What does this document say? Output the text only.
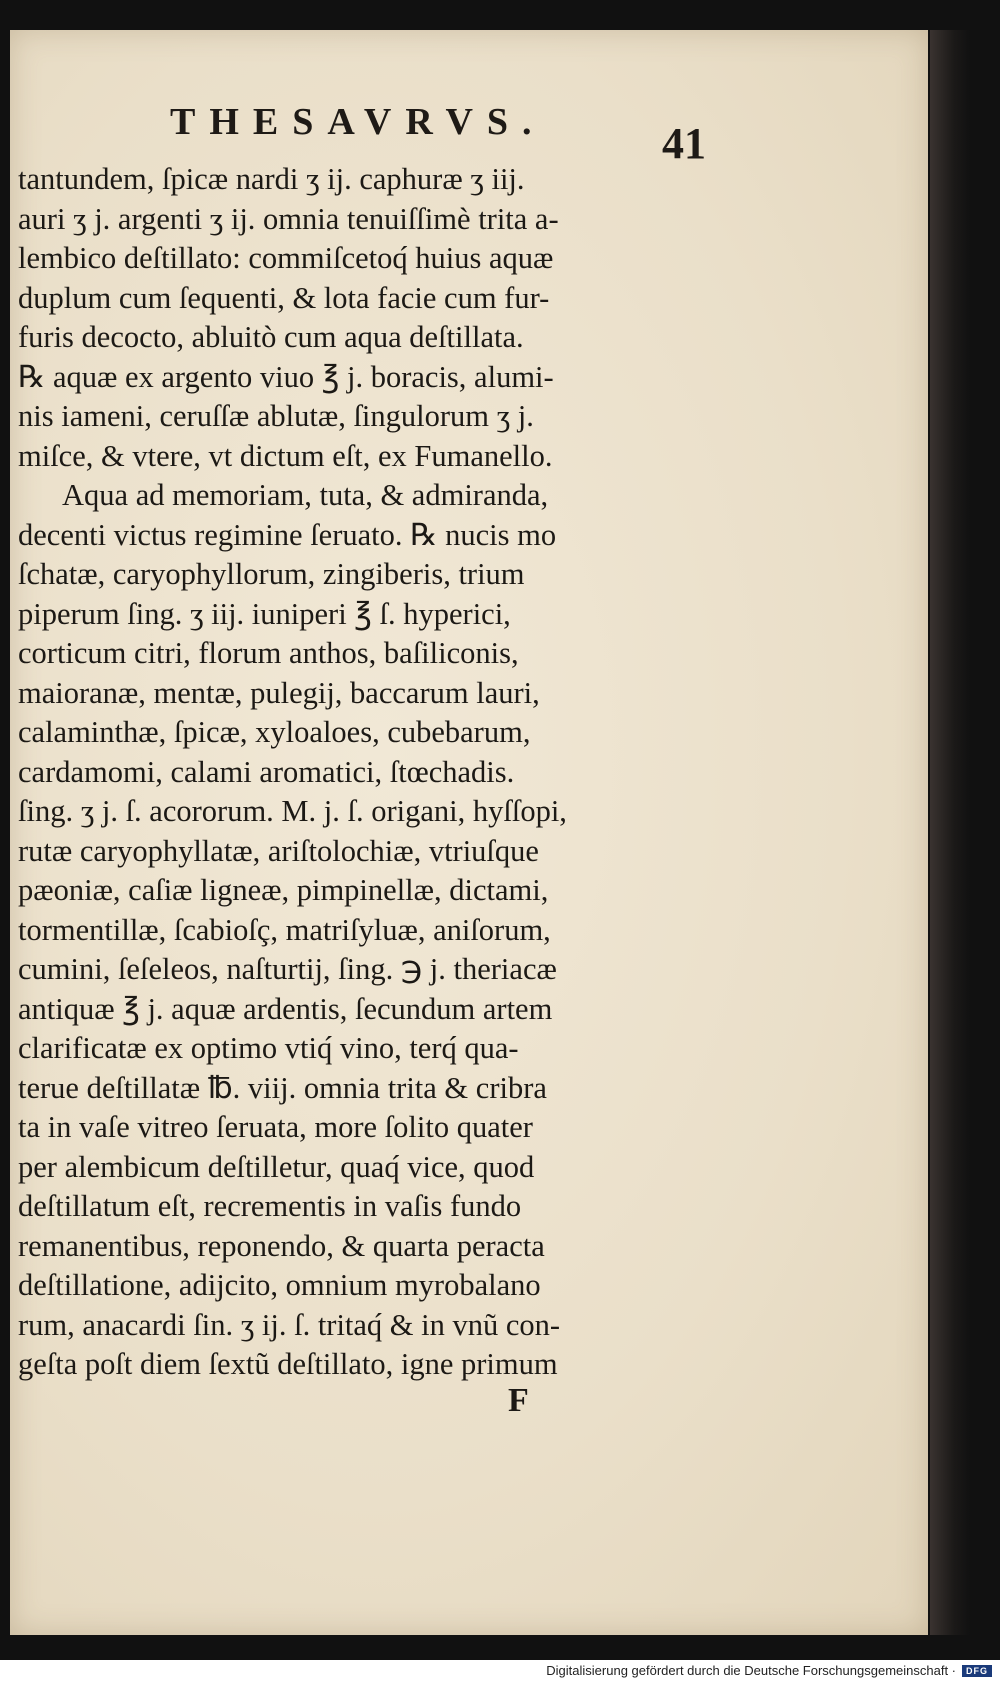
THESAVRVS.	41
tantundem, ſpicæ nardi ʒ ij. caphuræ ʒ iij.
auri ʒ j. argenti ʒ ij. omnia tenuiſſimè trita a-
lembico deſtillato: commiſcetoq́ huius aquæ
duplum cum ſequenti, & lota facie cum fur-
furis decocto, abluitò cum aqua deſtillata.
℞ aquæ ex argento viuo ℥ j. boracis, alumi-
nis iameni, ceruſſæ ablutæ, ſingulorum ʒ j.
miſce, & vtere, vt dictum eſt, ex Fumanello.
Aqua ad memoriam, tuta, & admiranda,
decenti victus regimine ſeruato. ℞ nucis mo
ſchatæ, caryophyllorum, zingiberis, trium
piperum ſing. ʒ iij. iuniperi ℥ ſ. hyperici,
corticum citri, florum anthos, baſiliconis,
maioranæ, mentæ, pulegij, baccarum lauri,
calaminthæ, ſpicæ, xyloaloes, cubebarum,
cardamomi, calami aromatici, ſtœchadis.
ſing. ʒ j. ſ. acororum. M. j. ſ. origani, hyſſopi,
rutæ caryophyllatæ, ariſtolochiæ, vtriuſque
pæoniæ, caſiæ ligneæ, pimpinellæ, dictami,
tormentillæ, ſcabioſç, matriſyluæ, aniſorum,
cumini, ſeſeleos, naſturtij, ſing. ℈ j. theriacæ
antiquæ ℥ j. aquæ ardentis, ſecundum artem
clarificatæ ex optimo vtiq́ vino, terq́ qua-
terue deſtillatæ ℔. viij. omnia trita & cribra
ta in vaſe vitreo ſeruata, more ſolito quater
per alembicum deſtilletur, quaq́ vice, quod
deſtillatum eſt, recrementis in vaſis fundo
remanentibus, reponendo, & quarta peracta
deſtillatione, adijcito, omnium myrobalano
rum, anacardi ſin. ʒ ij. ſ. tritaq́ & in vnũ con-
geſta poſt diem ſextũ deſtillato, igne primum
F
Digitalisierung gefördert durch die Deutsche Forschungsgemeinschaft ·	DFG
